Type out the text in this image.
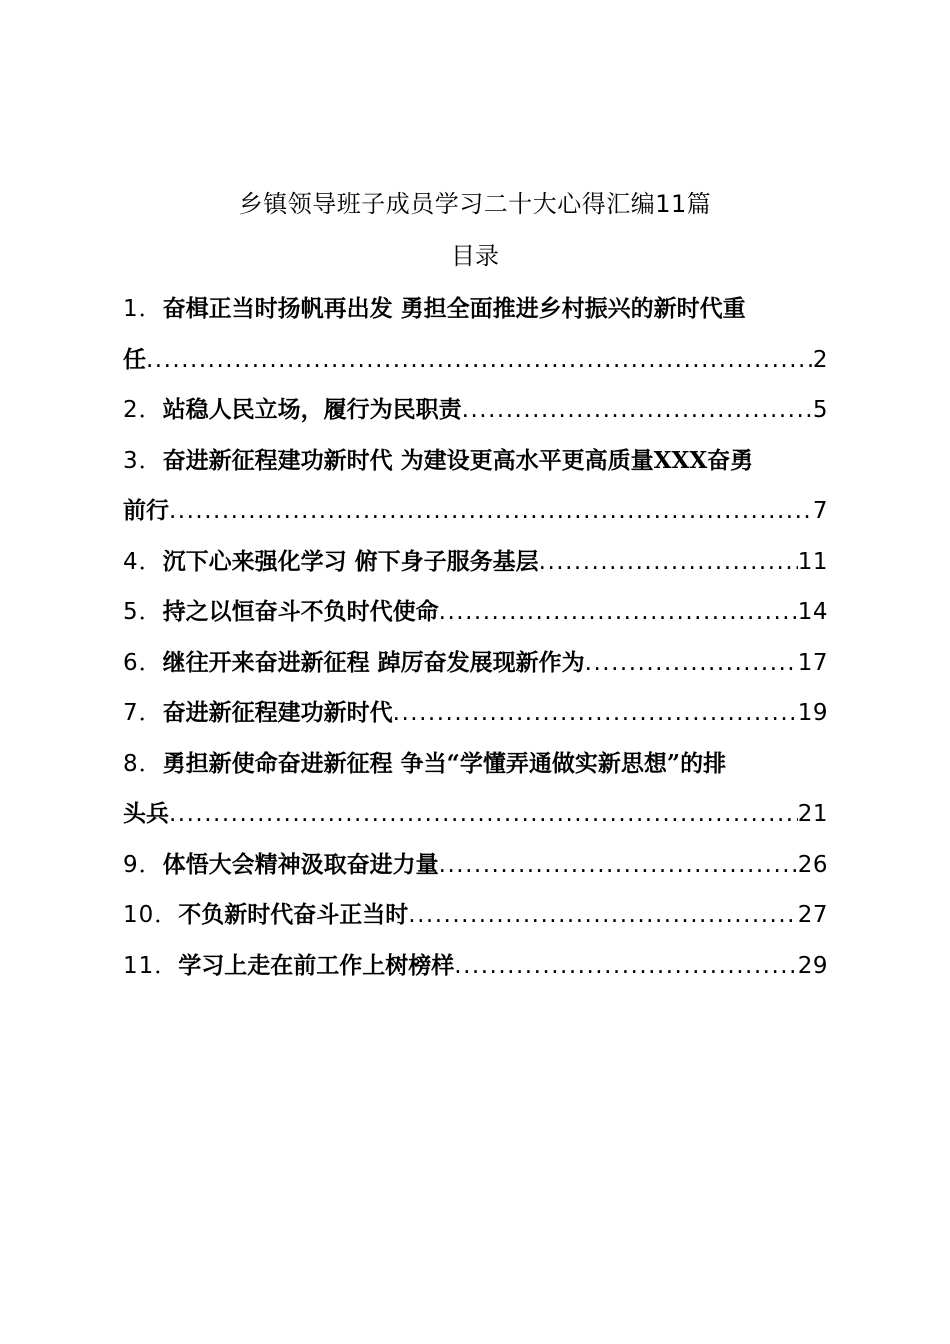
乡镇领导班子成员学习二十大心得汇编11篇
目录
1．奋楫正当时扬帆再出发 勇担全面推进乡村振兴的新时代重
任 .....	2
2．站稳人民立场，履行为民职责 .....	5
3．奋进新征程建功新时代 为建设更高水平更高质量XXX奋勇
前行 .....	7
4．沉下心来强化学习 俯下身子服务基层 .....	11
5．持之以恒奋斗不负时代使命 .....	14
6．继往开来奋进新征程 踔厉奋发展现新作为 .....	17
7．奋进新征程建功新时代 .....	19
8．勇担新使命奋进新征程 争当“学懂弄通做实新思想”的排
头兵 .....	21
9．体悟大会精神汲取奋进力量 .....	26
10．不负新时代奋斗正当时 .....	27
11．学习上走在前工作上树榜样 .....	29
